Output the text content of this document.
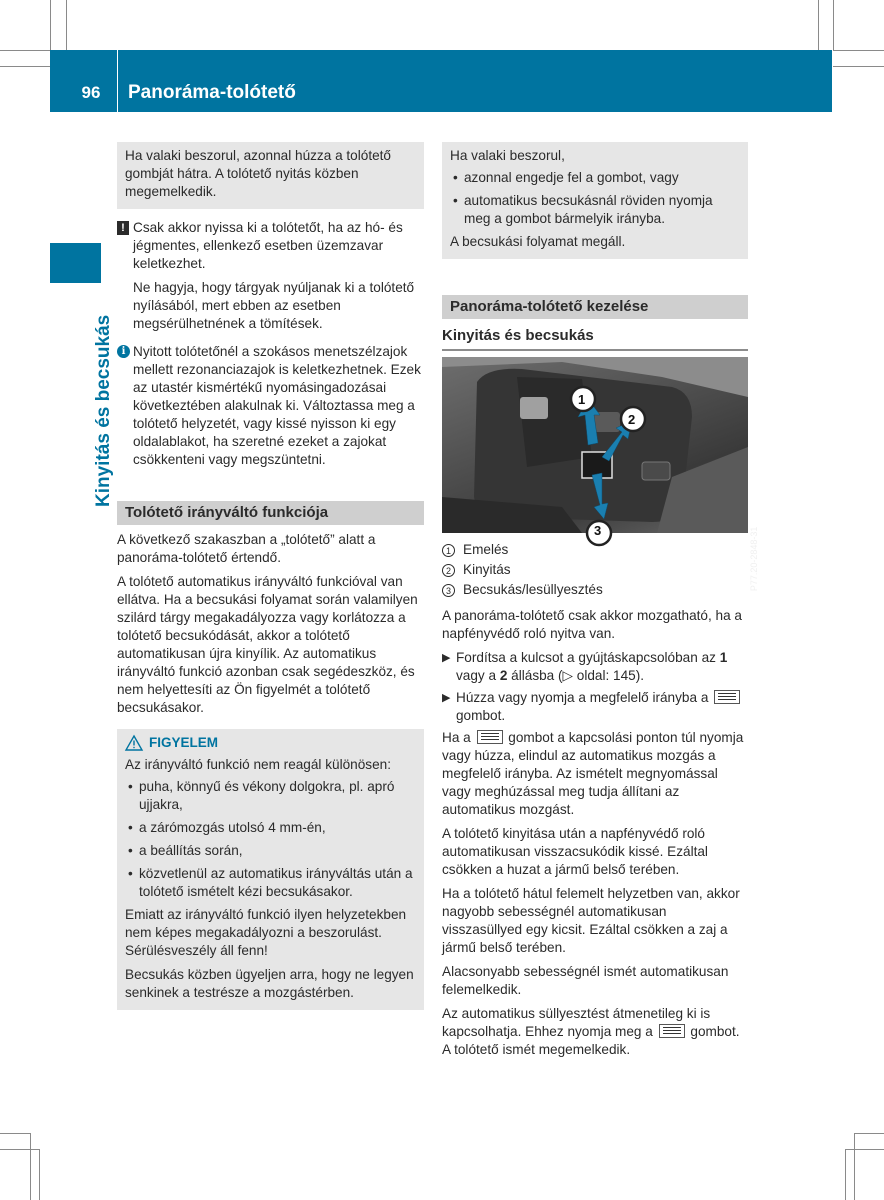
96	Panoráma-tolótető
Kinyitás és becsukás

Ha valaki beszorul, azonnal húzza a tolótető gombját hátra. A tolótető nyitás közben megemelkedik.

! Csak akkor nyissa ki a tolótetőt, ha az hó- és jégmentes, ellenkező esetben üzemzavar keletkezhet.

Ne hagyja, hogy tárgyak nyúljanak ki a tolótető nyílásából, mert ebben az esetben megsérülhetnének a tömítések.

i Nyitott tolótetőnél a szokásos menetszélzajok mellett rezonanciazajok is keletkezhetnek. Ezek az utastér kismértékű nyomásingadozásai következtében alakulnak ki. Változtassa meg a tolótető helyzetét, vagy kissé nyisson ki egy oldalablakot, ha szeretné ezeket a zajokat csökkenteni vagy megszüntetni.

Tolótető irányváltó funkciója

A következő szakaszban a „tolótető” alatt a panoráma-tolótető értendő.

A tolótető automatikus irányváltó funkcióval van ellátva. Ha a becsukási folyamat során valamilyen szilárd tárgy megakadályozza vagy korlátozza a tolótető becsukódását, akkor a tolótető automatikusan újra kinyílik. Az automatikus irányváltó funkció azonban csak segédeszköz, és nem helyettesíti az Ön figyelmét a tolótető becsukásakor.

FIGYELEM

Az irányváltó funkció nem reagál különösen:

• puha, könnyű és vékony dolgokra, pl. apró ujjakra,
• a zárómozgás utolsó 4 mm-én,
• a beállítás során,
• közvetlenül az automatikus irányváltás után a tolótető ismételt kézi becsukásakor.

Emiatt az irányváltó funkció ilyen helyzetekben nem képes megakadályozni a beszorulást. Sérülésveszély áll fenn!

Becsukás közben ügyeljen arra, hogy ne legyen senkinek a testrésze a mozgástérben.

Ha valaki beszorul,

• azonnal engedje fel a gombot, vagy
• automatikus becsukásnál röviden nyomja meg a gombot bármelyik irányba.

A becsukási folyamat megáll.

Panoráma-tolótető kezelése
Kinyitás és becsukás
1
2
3	P77.20-2848-31
1 Emelés
2 Kinyitás
3 Becsukás/lesüllyesztés

A panoráma-tolótető csak akkor mozgatható, ha a napfényvédő roló nyitva van.

▶ Fordítsa a kulcsot a gyújtáskapcsolóban az 1 vagy a 2 állásba (▷ oldal: 145).
▶ Húzza vagy nyomja a megfelelő irányba a
gombot.

Ha a
gombot a kapcsolási ponton túl nyomja vagy húzza, elindul az automatikus mozgás a megfelelő irányba. Az ismételt megnyomással vagy meghúzással meg tudja állítani az automatikus mozgást.

A tolótető kinyitása után a napfényvédő roló automatikusan visszacsukódik kissé. Ezáltal csökken a huzat a jármű belső terében.

Ha a tolótető hátul felemelt helyzetben van, akkor nagyobb sebességnél automatikusan visszasüllyed egy kicsit. Ezáltal csökken a zaj a jármű belső terében.

Alacsonyabb sebességnél ismét automatikusan felemelkedik.

Az automatikus süllyesztést átmenetileg ki is kapcsolhatja. Ehhez nyomja meg a
gombot. A tolótető ismét megemelkedik.
